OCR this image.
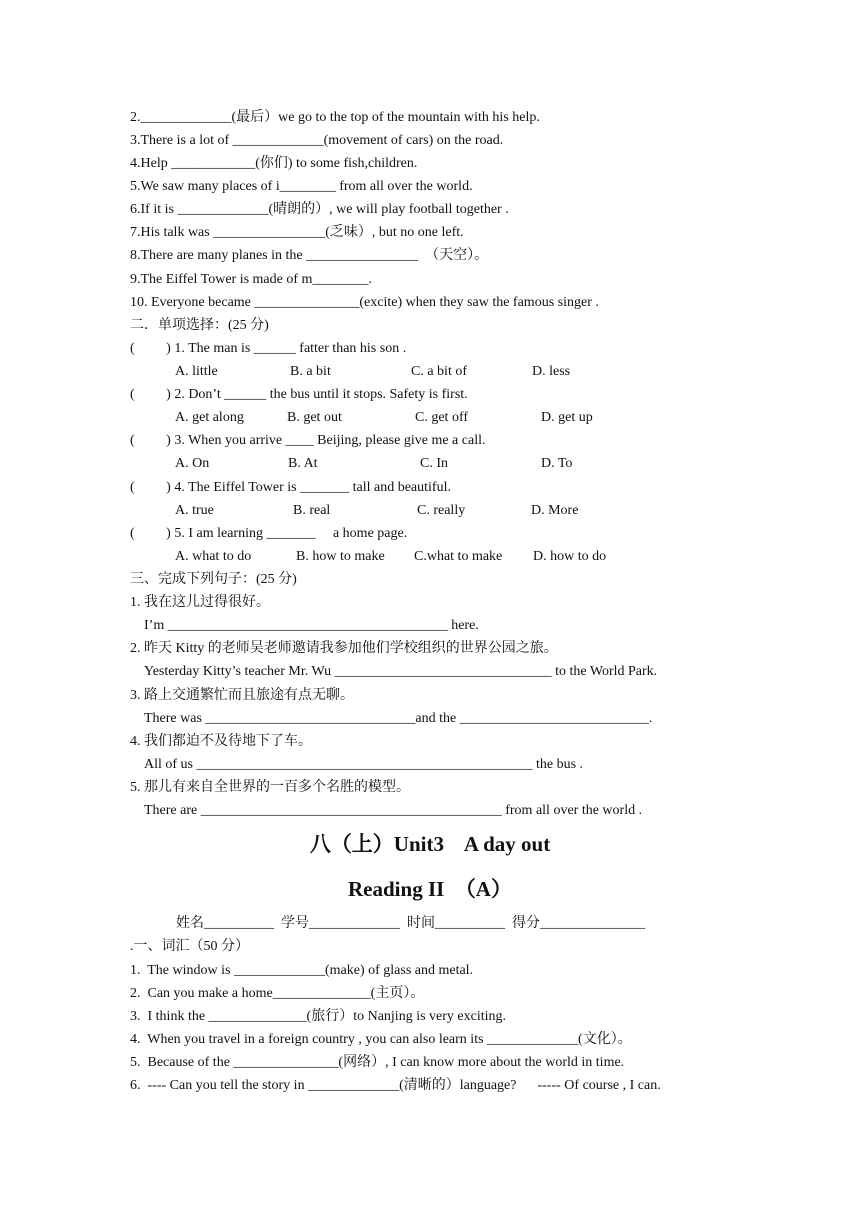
2._____________(最后）we go to the top of the mountain with his help.
3.There is a lot of _____________(movement of cars) on the road.
4.Help ____________(你们) to some fish,children.
5.We saw many places of i________ from all over the world.
6.If it is _____________(晴朗的）, we will play football together .
7.His talk was ________________(乏味）, but no one left.
8.There are many planes in the ________________  （天空）。
9.The Eiffel Tower is made of m________.
10. Everyone became _______________(excite) when they saw the famous singer .
二．单项选择：(25 分)
(         ) 1. The man is ______ fatter than his son .
A. little	B. a bit	C. a bit of	D. less
(         ) 2. Don’t ______ the bus until it stops. Safety is first.
A. get along	B. get out	C. get off	D. get up
(         ) 3. When you arrive ____ Beijing, please give me a call.
A. On	B. At	C. In	D. To
(         ) 4. The Eiffel Tower is _______ tall and beautiful.
A. true	B. real	C. really	D. More
(         ) 5. I am learning _______     a home page.
A. what to do	B. how to make C.what to make D. how to do
三、完成下列句子：(25 分)
1. 我在这儿过得很好。
I’m ________________________________________ here.
2. 昨天 Kitty 的老师吴老师邀请我参加他们学校组织的世界公园之旅。
Yesterday Kitty’s teacher Mr. Wu _______________________________ to the World Park.
3. 路上交通繁忙而且旅途有点无聊。
There was ______________________________and the ___________________________.
4. 我们都迫不及待地下了车。
All of us ________________________________________________ the bus .
5. 那儿有来自全世界的一百多个名胜的模型。
There are ___________________________________________ from all over the world .
八（上）Unit3    A day out
Reading II  （A）
姓名__________  学号_____________  时间__________  得分_______________
.一、词汇（50 分）
1.  The window is _____________(make) of glass and metal.
2.  Can you make a home______________(主页）。
3.  I think the ______________(旅行）to Nanjing is very exciting.
4.  When you travel in a foreign country , you can also learn its _____________(文化）。
5.  Because of the _______________(网络）, I can know more about the world in time.
6.  ---- Can you tell the story in _____________(清晰的）language?      ----- Of course , I can.
